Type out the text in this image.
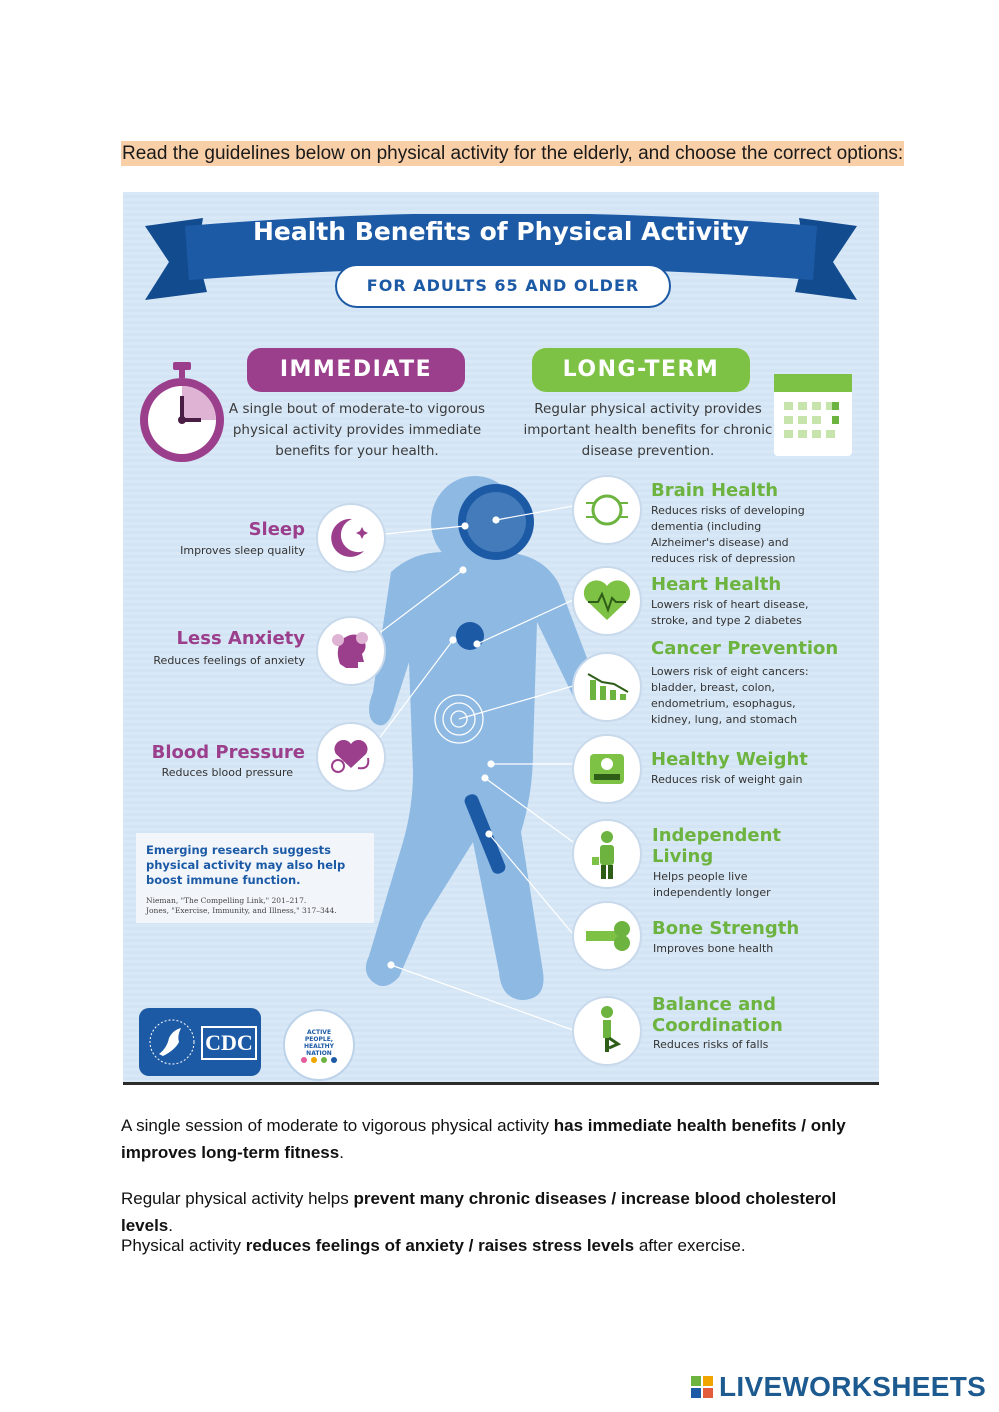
Read the guidelines below on physical activity for the elderly, and choose the correct options:
Health Benefits of Physical Activity
FOR ADULTS 65 AND OLDER
IMMEDIATE	LONG-TERM
A single bout of moderate-to vigorous physical activity provides immediate benefits for your health.
Regular physical activity provides important health benefits for chronic disease prevention.
Sleep
Improves sleep quality
Less Anxiety
Reduces feelings of anxiety
Blood Pressure
Reduces blood pressure
Brain Health
Reduces risks of developing dementia (including Alzheimer's disease) and reduces risk of depression
Heart Health
Lowers risk of heart disease, stroke, and type 2 diabetes
Cancer Prevention
Lowers risk of eight cancers: bladder, breast, colon, endometrium, esophagus, kidney, lung, and stomach
Healthy Weight
Reduces risk of weight gain
Independent Living
Helps people live independently longer
Bone Strength
Improves bone health
Balance and Coordination
Reduces risks of falls
Emerging research suggests physical activity may also help boost immune function.
Nieman, "The Compelling Link," 201–217.
Jones, "Exercise, Immunity, and Illness," 317–344.
CDC	ACTIVE PEOPLE, HEALTHY NATION
A single session of moderate to vigorous physical activity has immediate health benefits / only improves long-term fitness.
Regular physical activity helps prevent many chronic diseases / increase blood cholesterol levels.
Physical activity reduces feelings of anxiety / raises stress levels after exercise.
LIVEWORKSHEETS
